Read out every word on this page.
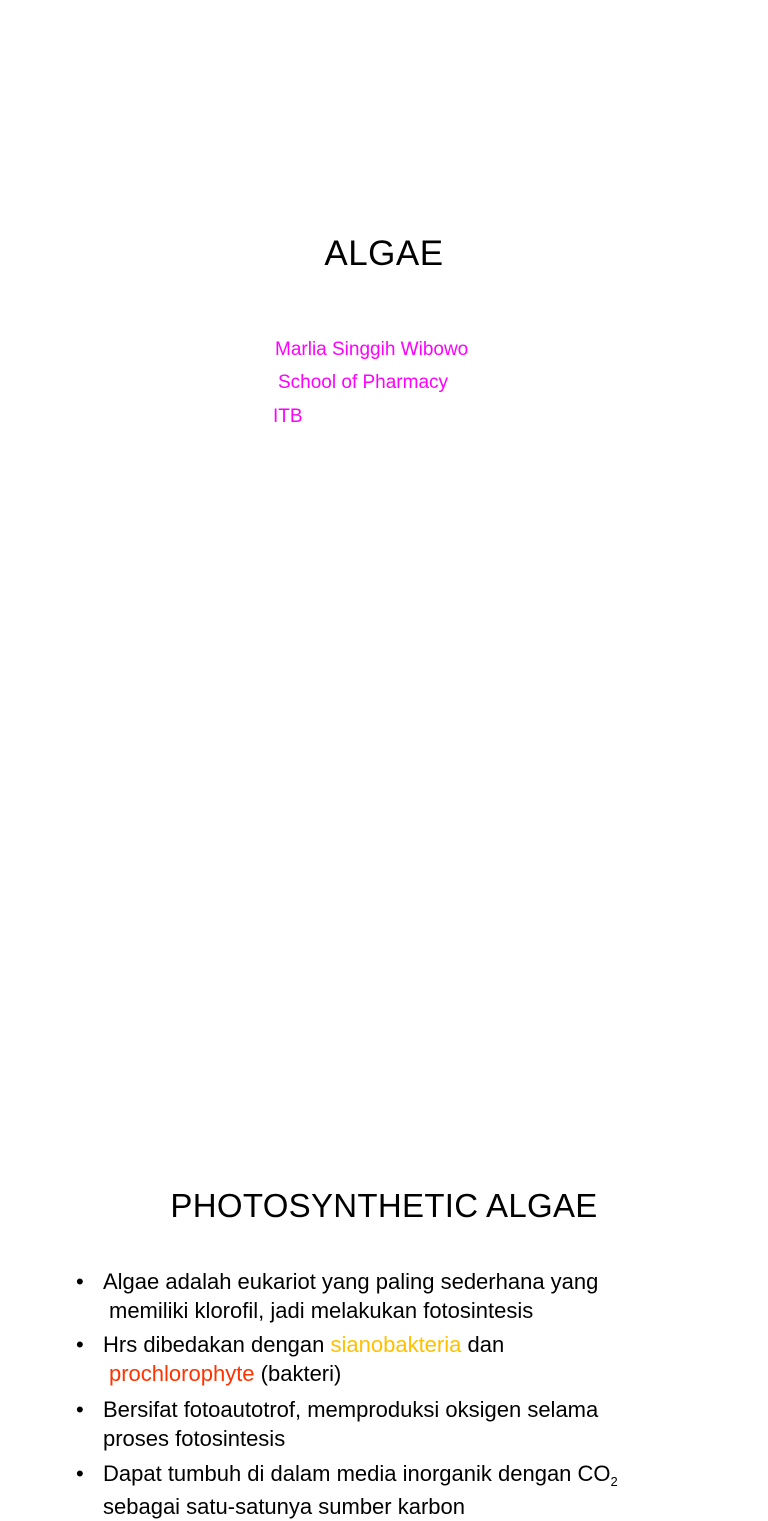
ALGAE
Marlia Singgih Wibowo
School of Pharmacy
ITB
PHOTOSYNTHETIC ALGAE
• Algae adalah eukariot yang paling sederhana yang
memiliki klorofil, jadi melakukan fotosintesis
• Hrs dibedakan dengan sianobakteria dan
prochlorophyte (bakteri)
• Bersifat fotoautotrof, memproduksi oksigen selama
proses fotosintesis
• Dapat tumbuh di dalam media inorganik dengan $CO_2$
sebagai satu-satunya sumber karbon
